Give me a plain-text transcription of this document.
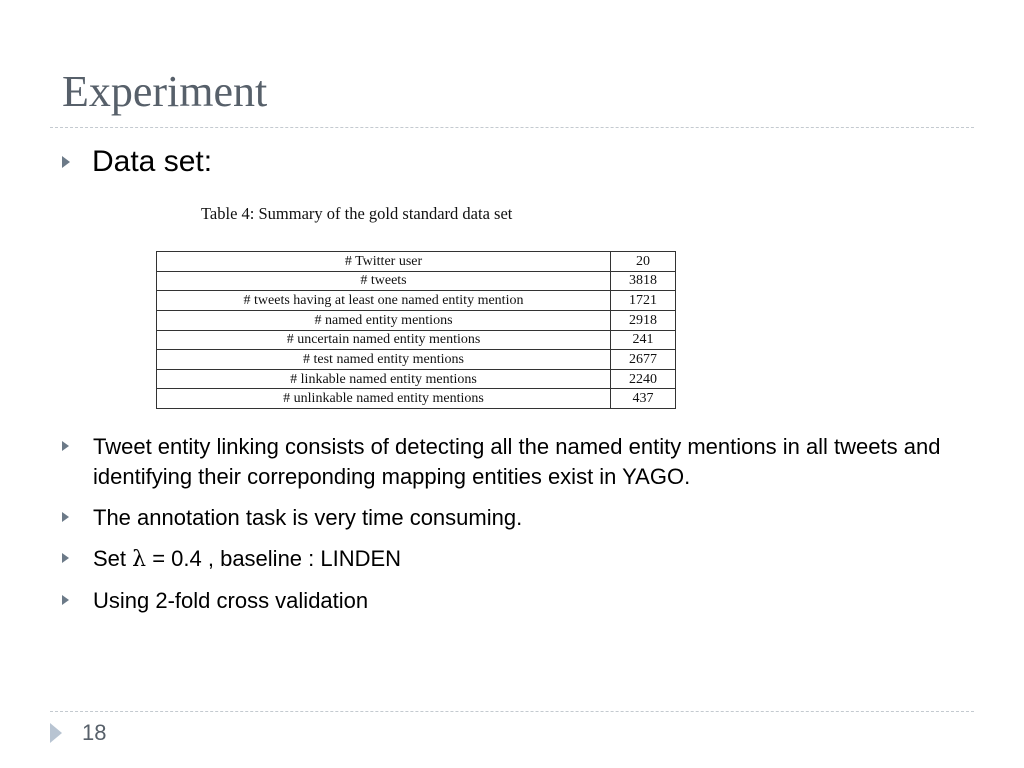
Experiment
Data set:
Table 4: Summary of the gold standard data set
# Twitter user	20
# tweets	3818
# tweets having at least one named entity mention	1721
# named entity mentions	2918
# uncertain named entity mentions	241
# test named entity mentions	2677
# linkable named entity mentions	2240
# unlinkable named entity mentions	437
Tweet entity linking consists of detecting all the named entity mentions in all tweets and identifying their correponding mapping entities exist in YAGO.
The annotation task is very time consuming.
Set λ = 0.4 , baseline : LINDEN
Using 2-fold cross validation
18
